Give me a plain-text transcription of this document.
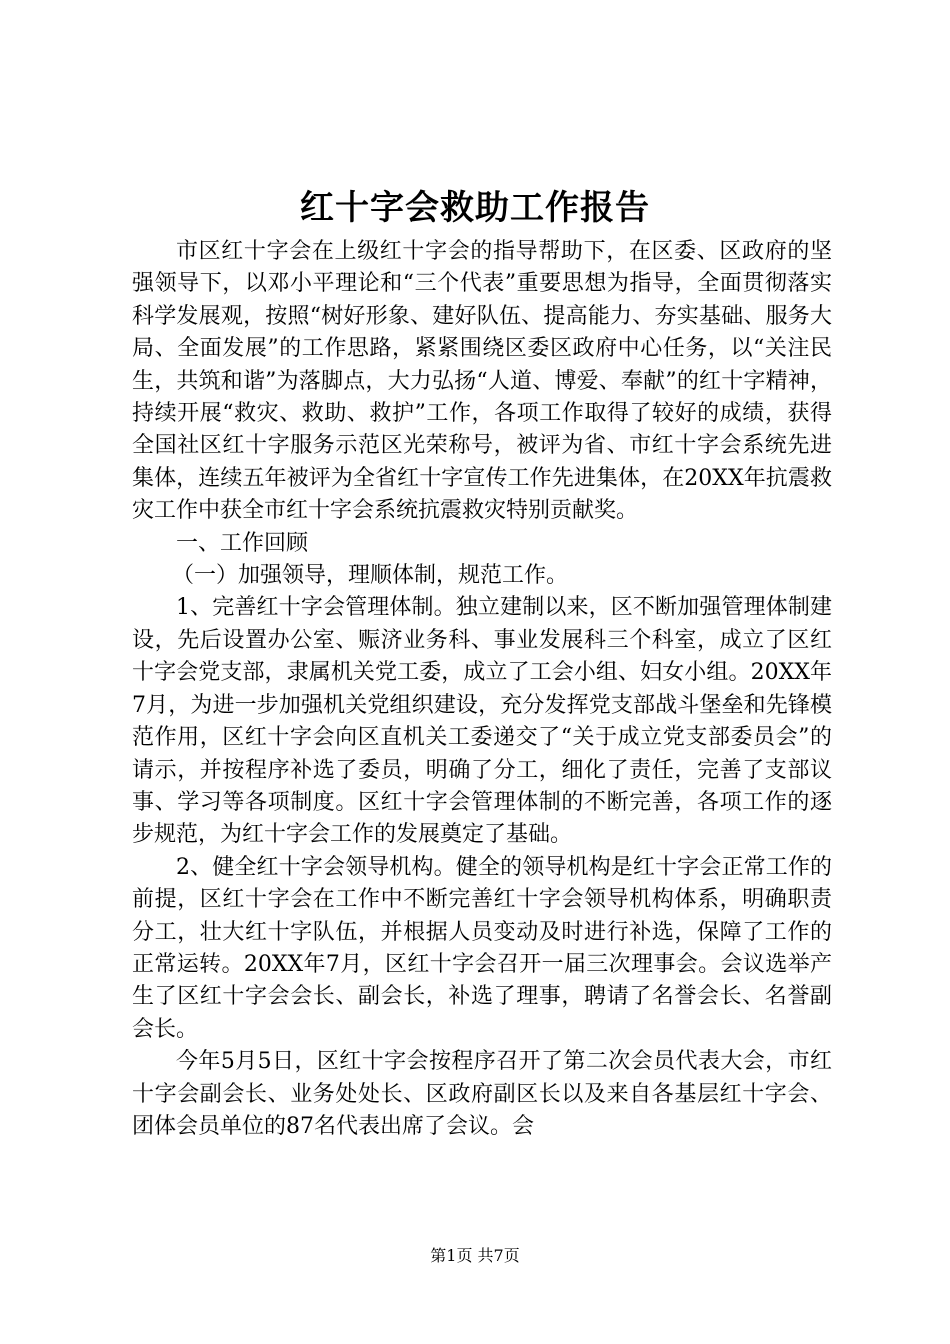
红十字会救助工作报告

市区红十字会在上级红十字会的指导帮助下，在区委、区政府的坚强领导下，以邓小平理论和“三个代表”重要思想为指导，全面贯彻落实科学发展观，按照“树好形象、建好队伍、提高能力、夯实基础、服务大局、全面发展”的工作思路，紧紧围绕区委区政府中心任务，以“关注民生，共筑和谐”为落脚点，大力弘扬“人道、博爱、奉献”的红十字精神，持续开展“救灾、救助、救护”工作，各项工作取得了较好的成绩，获得全国社区红十字服务示范区光荣称号，被评为省、市红十字会系统先进集体，连续五年被评为全省红十字宣传工作先进集体，在20XX年抗震救灾工作中获全市红十字会系统抗震救灾特别贡献奖。

一、工作回顾

（一）加强领导，理顺体制，规范工作。

1、完善红十字会管理体制。独立建制以来，区不断加强管理体制建设，先后设置办公室、赈济业务科、事业发展科三个科室，成立了区红十字会党支部，隶属机关党工委，成立了工会小组、妇女小组。20XX年7月，为进一步加强机关党组织建设，充分发挥党支部战斗堡垒和先锋模范作用，区红十字会向区直机关工委递交了“关于成立党支部委员会”的请示，并按程序补选了委员，明确了分工，细化了责任，完善了支部议事、学习等各项制度。区红十字会管理体制的不断完善，各项工作的逐步规范，为红十字会工作的发展奠定了基础。

2、健全红十字会领导机构。健全的领导机构是红十字会正常工作的前提，区红十字会在工作中不断完善红十字会领导机构体系，明确职责分工，壮大红十字队伍，并根据人员变动及时进行补选，保障了工作的正常运转。20XX年7月，区红十字会召开一届三次理事会。会议选举产生了区红十字会会长、副会长，补选了理事，聘请了名誉会长、名誉副会长。

今年5月5日，区红十字会按程序召开了第二次会员代表大会，市红十字会副会长、业务处处长、区政府副区长以及来自各基层红十字会、团体会员单位的87名代表出席了会议。会

第1页 共7页
